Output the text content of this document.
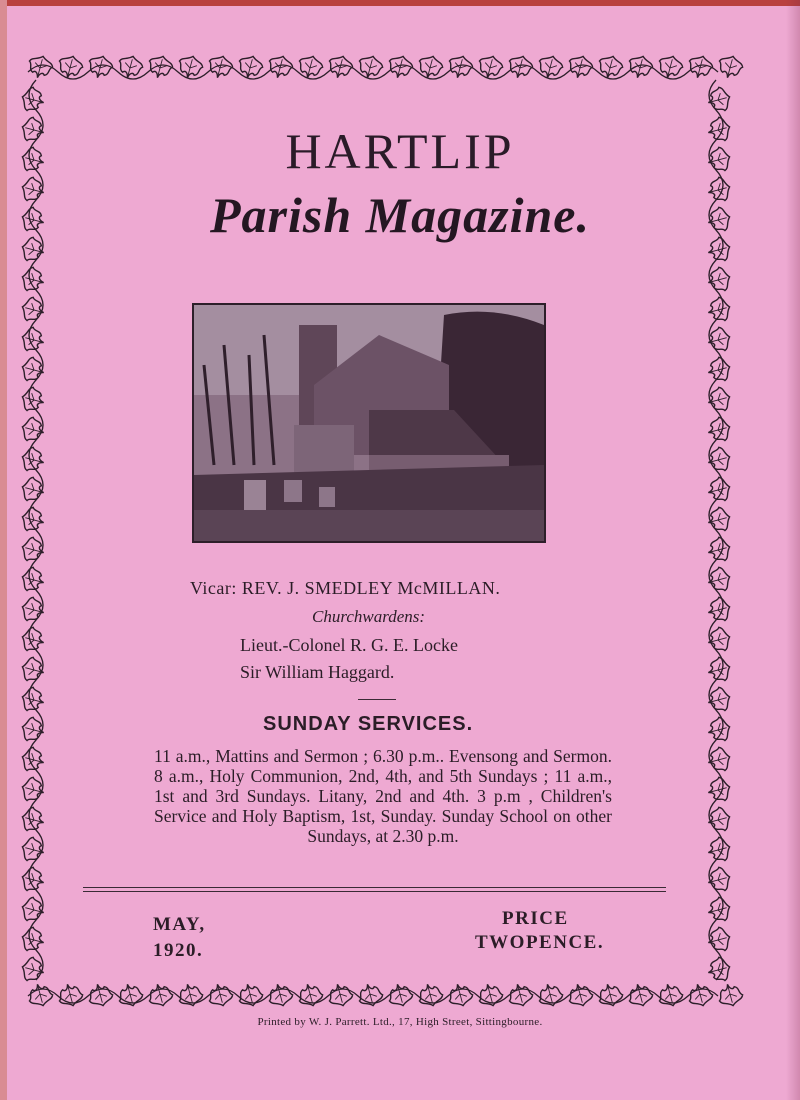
HARTLIP
Parish Magazine.
Vicar: REV. J. SMEDLEY McMILLAN.
Churchwardens:
Lieut.-Colonel R. G. E. Locke
Sir William Haggard.
SUNDAY SERVICES.
11 a.m., Mattins and Sermon ; 6.30 p.m.. Evensong and Sermon. 8 a.m., Holy Communion, 2nd, 4th, and 5th Sundays ; 11 a.m., 1st and 3rd Sundays. Litany, 2nd and 4th. 3 p.m , Children's Service and Holy Baptism, 1st, Sunday. Sunday School on other Sundays, at 2.30 p.m.
MAY,
1920.
PRICE
TWOPENCE.
Printed by W. J. Parrett. Ltd., 17, High Street, Sittingbourne.
